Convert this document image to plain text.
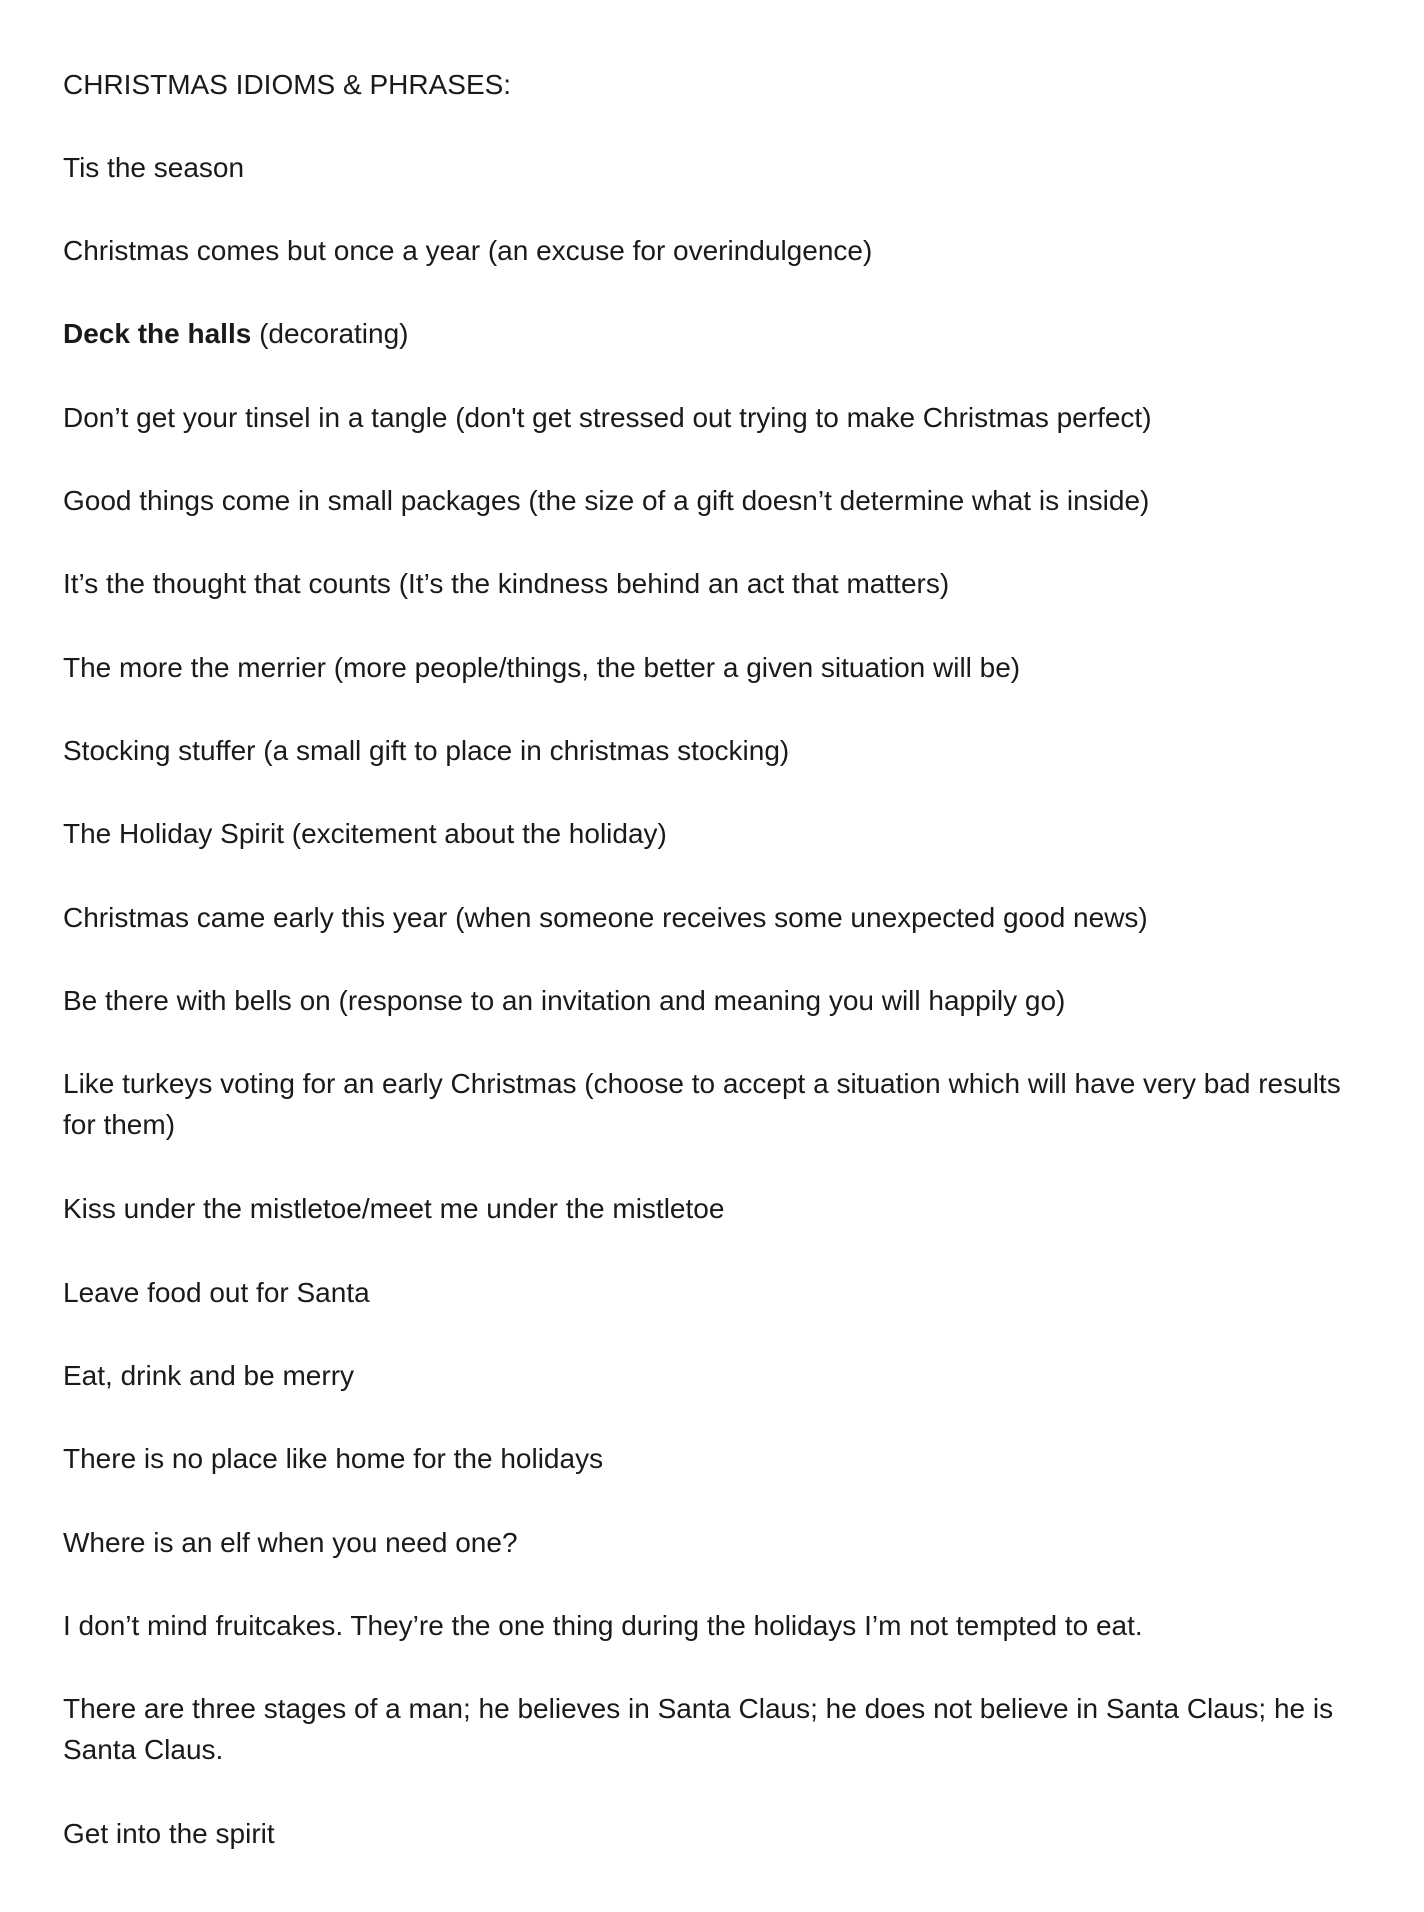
CHRISTMAS IDIOMS & PHRASES:

Tis the season

Christmas comes but once a year (an excuse for overindulgence)

Deck the halls (decorating)

Don’t get your tinsel in a tangle (don't get stressed out trying to make Christmas perfect)

Good things come in small packages (the size of a gift doesn’t determine what is inside)

It’s the thought that counts (It’s the kindness behind an act that matters)

The more the merrier (more people/things, the better a given situation will be)

Stocking stuffer (a small gift to place in christmas stocking)

The Holiday Spirit (excitement about the holiday)

Christmas came early this year (when someone receives some unexpected good news)

Be there with bells on (response to an invitation and meaning you will happily go)

Like turkeys voting for an early Christmas (choose to accept a situation which will have very bad results for them)

Kiss under the mistletoe/meet me under the mistletoe

Leave food out for Santa

Eat, drink and be merry

There is no place like home for the holidays

Where is an elf when you need one?

I don’t mind fruitcakes. They’re the one thing during the holidays I’m not tempted to eat.

There are three stages of a man; he believes in Santa Claus; he does not believe in Santa Claus; he is Santa Claus.

Get into the spirit
